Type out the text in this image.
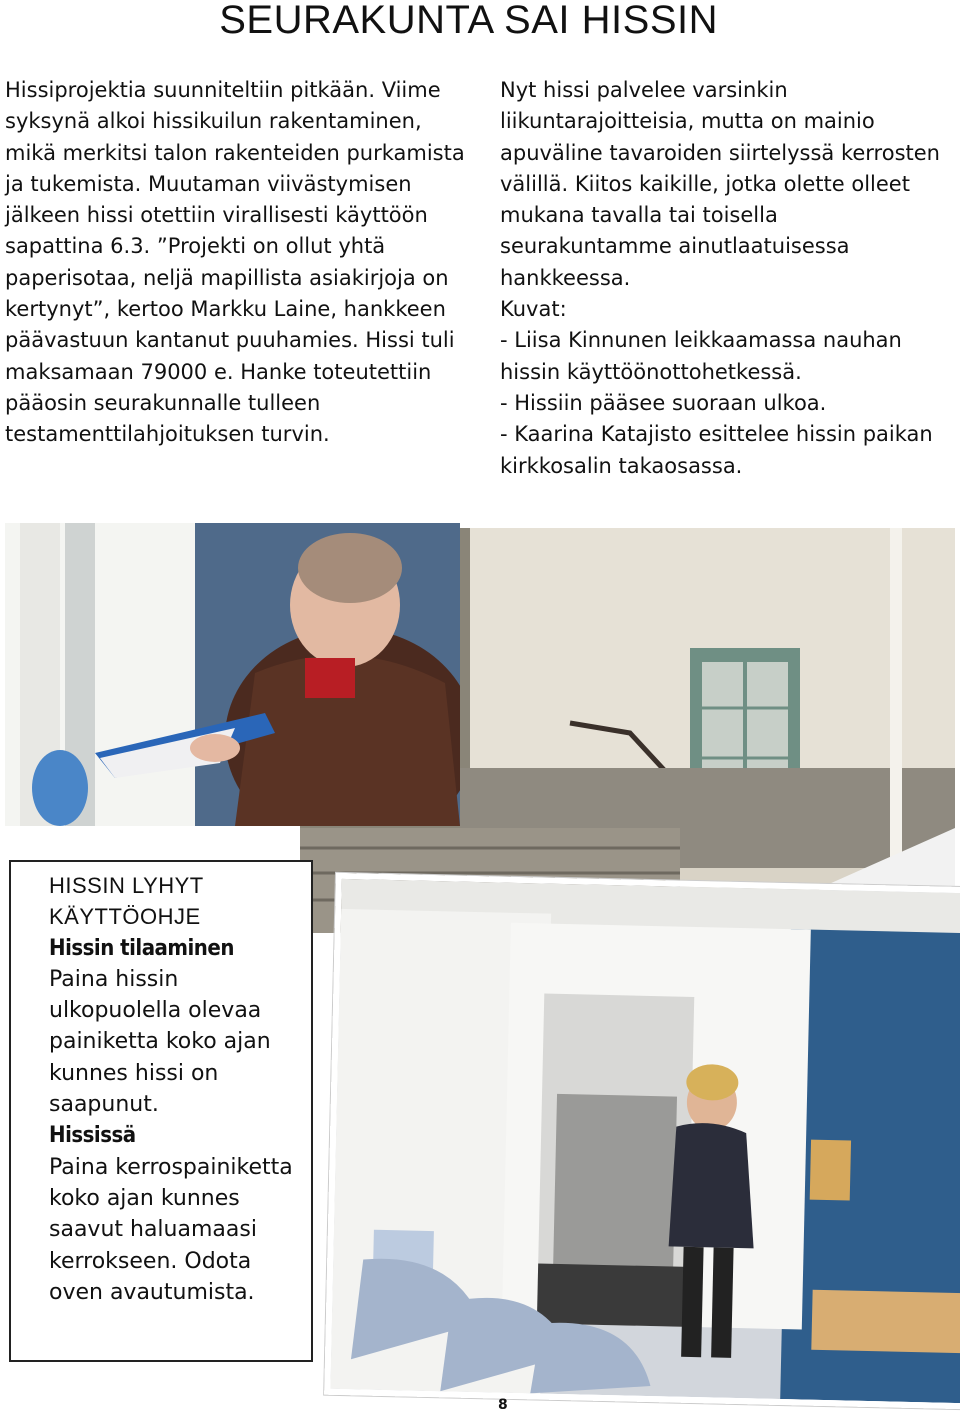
SEURAKUNTA SAI HISSIN

Hissiprojektia suunniteltiin pitkään. Viime syksynä alkoi hissikuilun rakentaminen, mikä merkitsi talon rakenteiden purkamista ja tukemista. Muutaman viivästymisen jälkeen hissi otettiin virallisesti käyttöön sapattina 6.3. ”Projekti on ollut yhtä paperisotaa, neljä mapillista asiakirjoja on kertynyt”, kertoo Markku Laine, hankkeen päävastuun kantanut puuhamies. Hissi tuli maksamaan 79000 e. Hanke toteutettiin pääosin seurakunnalle tulleen testamenttilahjoituksen turvin.

Nyt hissi palvelee varsinkin liikuntarajoitteisia, mutta on mainio apuväline tavaroiden siirtelyssä kerrosten välillä. Kiitos kaikille, jotka olette olleet mukana tavalla tai toisella seurakuntamme ainutlaatuisessa hankkeessa.

Kuvat:

- Liisa Kinnunen leikkaamassa nauhan hissin käyttöönottohetkessä.

- Hissiin pääsee suoraan ulkoa.

- Kaarina Katajisto esittelee hissin paikan kirkkosalin takaosassa.

HISSIN LYHYT
KÄYTTÖOHJE
Hissin tilaaminen
Paina hissin ulkopuolella olevaa painiketta koko ajan kunnes hissi on saapunut.
Hississä
Paina kerrospainiketta koko ajan kunnes saavut haluamaasi kerrokseen. Odota oven avautumista.
8
